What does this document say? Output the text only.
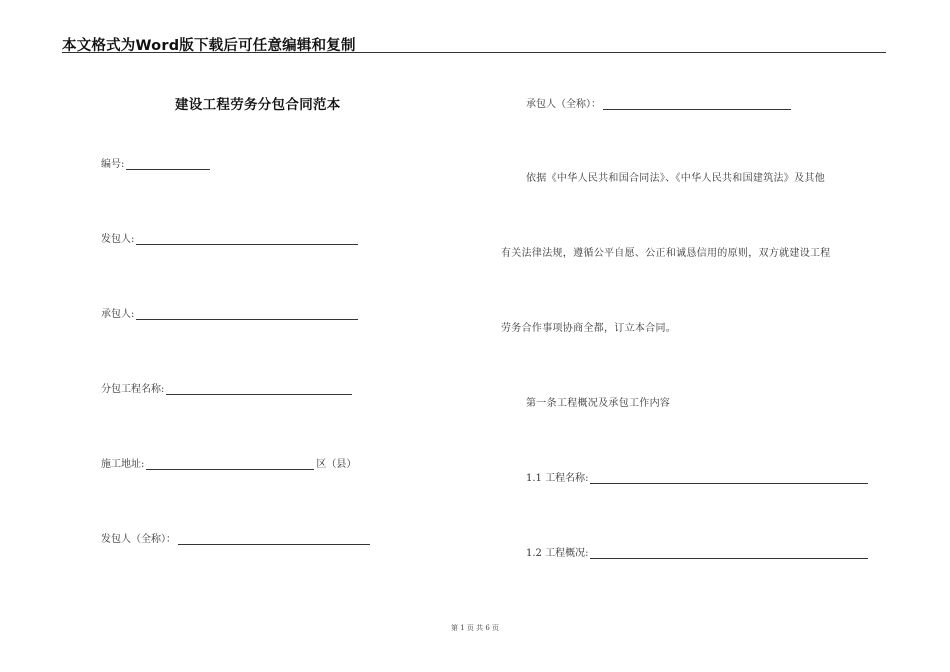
本文格式为Word版下载后可任意编辑和复制
建设工程劳务分包合同范本
编号:
发包人:
承包人:
分包工程名称:
施工地址:	区（县）
发包人（全称）：
承包人（全称）：
依据《中华人民共和国合同法》、《中华人民共和国建筑法》及其他
有关法律法规，遵循公平自愿、公正和诚恳信用的原则，双方就建设工程
劳务合作事项协商全都，订立本合同。
第一条工程概况及承包工作内容
1.1 工程名称:
1.2 工程概况:
第 1 页 共 6 页
